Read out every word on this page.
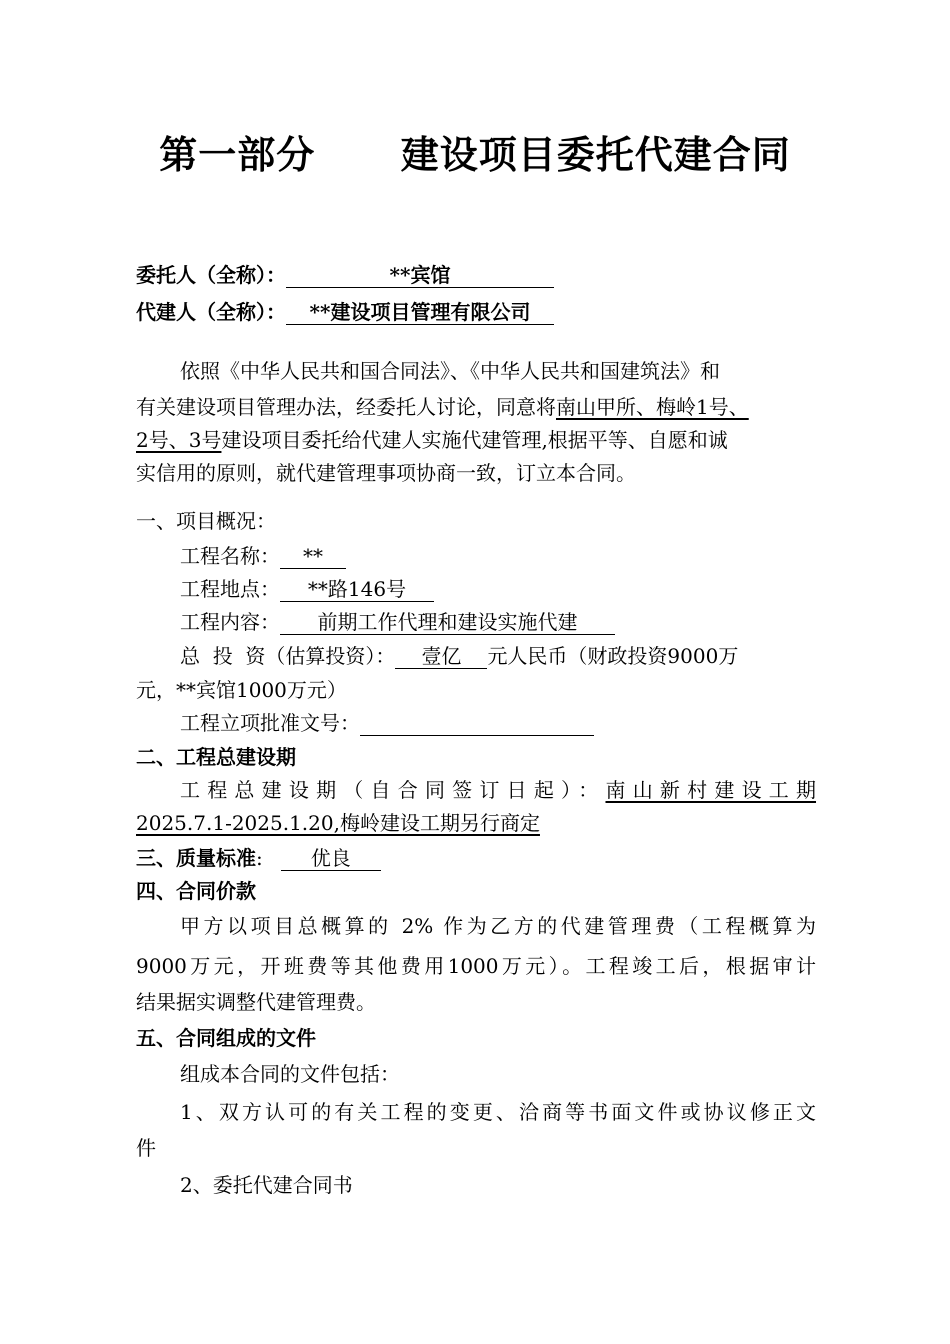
第一部分 建设项目委托代建合同
委托人（全称）：	**宾馆
代建人（全称）： **建设项目管理有限公司
依照《中华人民共和国合同法》、《中华人民共和国建筑法》和
有关建设项目管理办法，经委托人讨论，同意将南山甲所、梅岭1号、
2号、3号建设项目委托给代建人实施代建管理,根据平等、自愿和诚
实信用的原则，就代建管理事项协商一致，订立本合同。
一、项目概况：
工程名称： **
工程地点： **路146号
工程内容： 前期工作代理和建设实施代建
总  投  资（估算投资）： 壹亿 元人民币（财政投资9000万
元，**宾馆1000万元）
工程立项批准文号：
二、工程总建设期
工程总建设期（自合同签订日起）：南山新村建设工期
2025.7.1-2025.1.20,梅岭建设工期另行商定
三、质量标准: 优良
四、合同价款
甲方以项目总概算的 2% 作为乙方的代建管理费（工程概算为
9000万元，开班费等其他费用1000万元）。工程竣工后，根据审计
结果据实调整代建管理费。
五、合同组成的文件
组成本合同的文件包括：
1、双方认可的有关工程的变更、洽商等书面文件或协议修正文
件
2、委托代建合同书
